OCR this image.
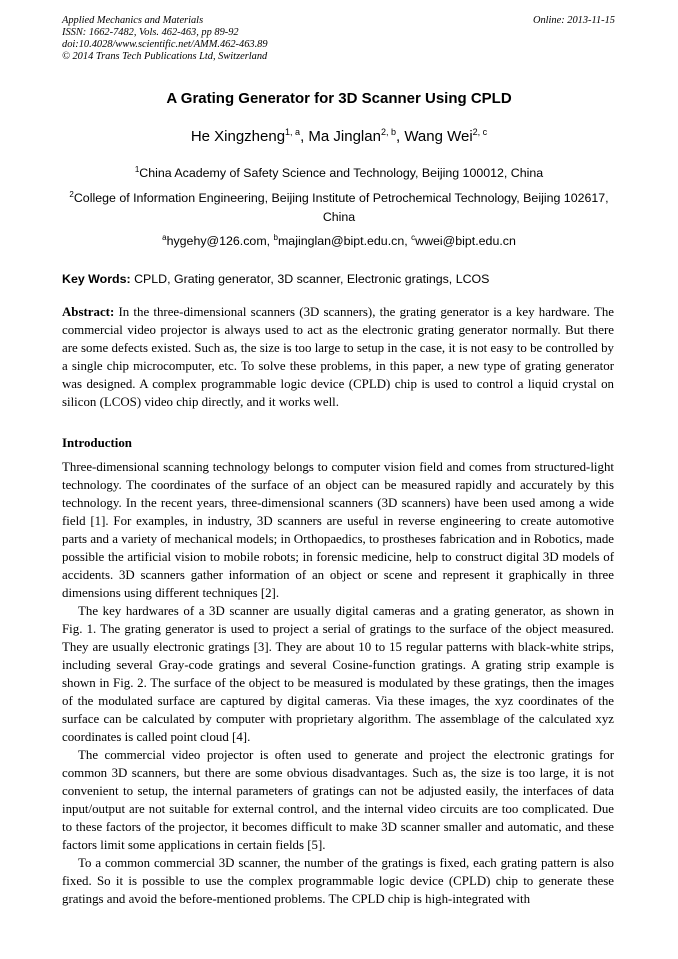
Applied Mechanics and Materials
ISSN: 1662-7482, Vols. 462-463, pp 89-92
doi:10.4028/www.scientific.net/AMM.462-463.89
© 2014 Trans Tech Publications Ltd, Switzerland
Online: 2013-11-15
A Grating Generator for 3D Scanner Using CPLD
He Xingzheng$^{1, a}$, Ma Jinglan$^{2, b}$, Wang Wei$^{2, c}$
$^1$China Academy of Safety Science and Technology, Beijing 100012, China
$^2$College of Information Engineering, Beijing Institute of Petrochemical Technology, Beijing 102617, China
$^a$hygehy@126.com, $^b$majinglan@bipt.edu.cn, $^c$wwei@bipt.edu.cn
Key Words: CPLD, Grating generator, 3D scanner, Electronic gratings, LCOS
Abstract: In the three-dimensional scanners (3D scanners), the grating generator is a key hardware. The commercial video projector is always used to act as the electronic grating generator normally. But there are some defects existed. Such as, the size is too large to setup in the case, it is not easy to be controlled by a single chip microcomputer, etc. To solve these problems, in this paper, a new type of grating generator was designed. A complex programmable logic device (CPLD) chip is used to control a liquid crystal on silicon (LCOS) video chip directly, and it works well.
Introduction

Three-dimensional scanning technology belongs to computer vision field and comes from structured-light technology. The coordinates of the surface of an object can be measured rapidly and accurately by this technology. In the recent years, three-dimensional scanners (3D scanners) have been used among a wide field [1]. For examples, in industry, 3D scanners are useful in reverse engineering to create automotive parts and a variety of mechanical models; in Orthopaedics, to prostheses fabrication and in Robotics, made possible the artificial vision to mobile robots; in forensic medicine, help to construct digital 3D models of accidents. 3D scanners gather information of an object or scene and represent it graphically in three dimensions using different techniques [2].

The key hardwares of a 3D scanner are usually digital cameras and a grating generator, as shown in Fig. 1. The grating generator is used to project a serial of gratings to the surface of the object measured. They are usually electronic gratings [3]. They are about 10 to 15 regular patterns with black-white strips, including several Gray-code gratings and several Cosine-function gratings. A grating strip example is shown in Fig. 2. The surface of the object to be measured is modulated by these gratings, then the images of the modulated surface are captured by digital cameras. Via these images, the xyz coordinates of the surface can be calculated by computer with proprietary algorithm. The assemblage of the calculated xyz coordinates is called point cloud [4].

The commercial video projector is often used to generate and project the electronic gratings for common 3D scanners, but there are some obvious disadvantages. Such as, the size is too large, it is not convenient to setup, the internal parameters of gratings can not be adjusted easily, the interfaces of data input/output are not suitable for external control, and the internal video circuits are too complicated. Due to these factors of the projector, it becomes difficult to make 3D scanner smaller and automatic, and these factors limit some applications in certain fields [5].

To a common commercial 3D scanner, the number of the gratings is fixed, each grating pattern is also fixed. So it is possible to use the complex programmable logic device (CPLD) chip to generate these gratings and avoid the before-mentioned problems. The CPLD chip is high-integrated with
